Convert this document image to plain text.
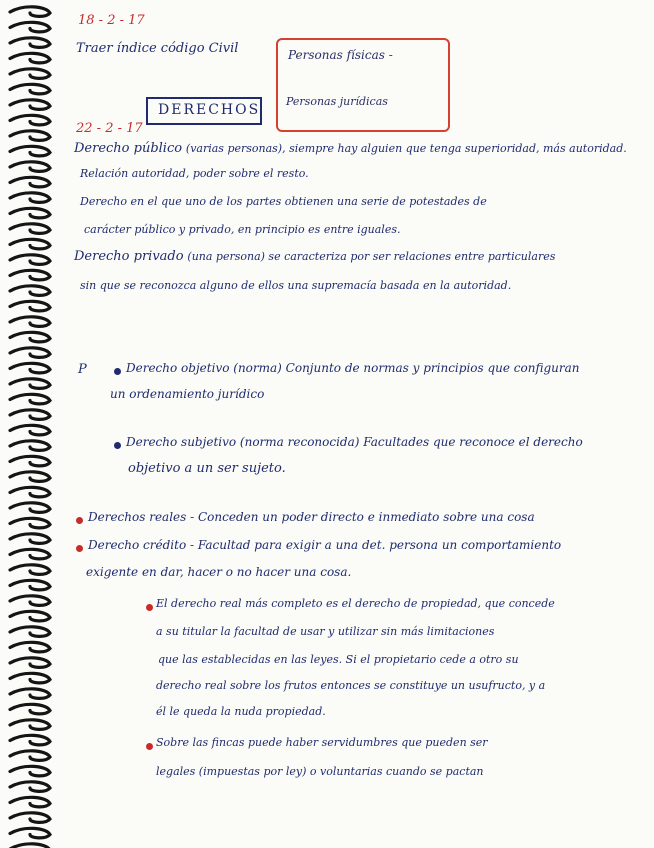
18 - 2 - 17
Traer índice código Civil	Personas físicas -
Personas jurídicas
DERECHOS
22 - 2 - 17
Derecho público (varias personas), siempre hay alguien que tenga superioridad, más autoridad.
Relación autoridad, poder sobre el resto.
Derecho en el que uno de los partes obtienen una serie de potestades de
carácter público y privado, en principio es entre iguales.
Derecho privado (una persona) se caracteriza por ser relaciones entre particulares
sin que se reconozca alguno de ellos una supremacía basada en la autoridad.
P	Derecho objetivo (norma) Conjunto de normas y principios que configuran
un ordenamiento jurídico
Derecho subjetivo (norma reconocida) Facultades que reconoce el derecho
objetivo a un ser sujeto.
Derechos reales - Conceden un poder directo e inmediato sobre una cosa
Derecho crédito - Facultad para exigir a una det. persona un comportamiento
exigente en dar, hacer o no hacer una cosa.
El derecho real más completo es el derecho de propiedad, que concede
a su titular la facultad de usar y utilizar sin más limitaciones
que las establecidas en las leyes. Si el propietario cede a otro su
derecho real sobre los frutos entonces se constituye un usufructo, y a
él le queda la nuda propiedad.
Sobre las fincas puede haber servidumbres que pueden ser
legales (impuestas por ley) o voluntarias cuando se pactan
